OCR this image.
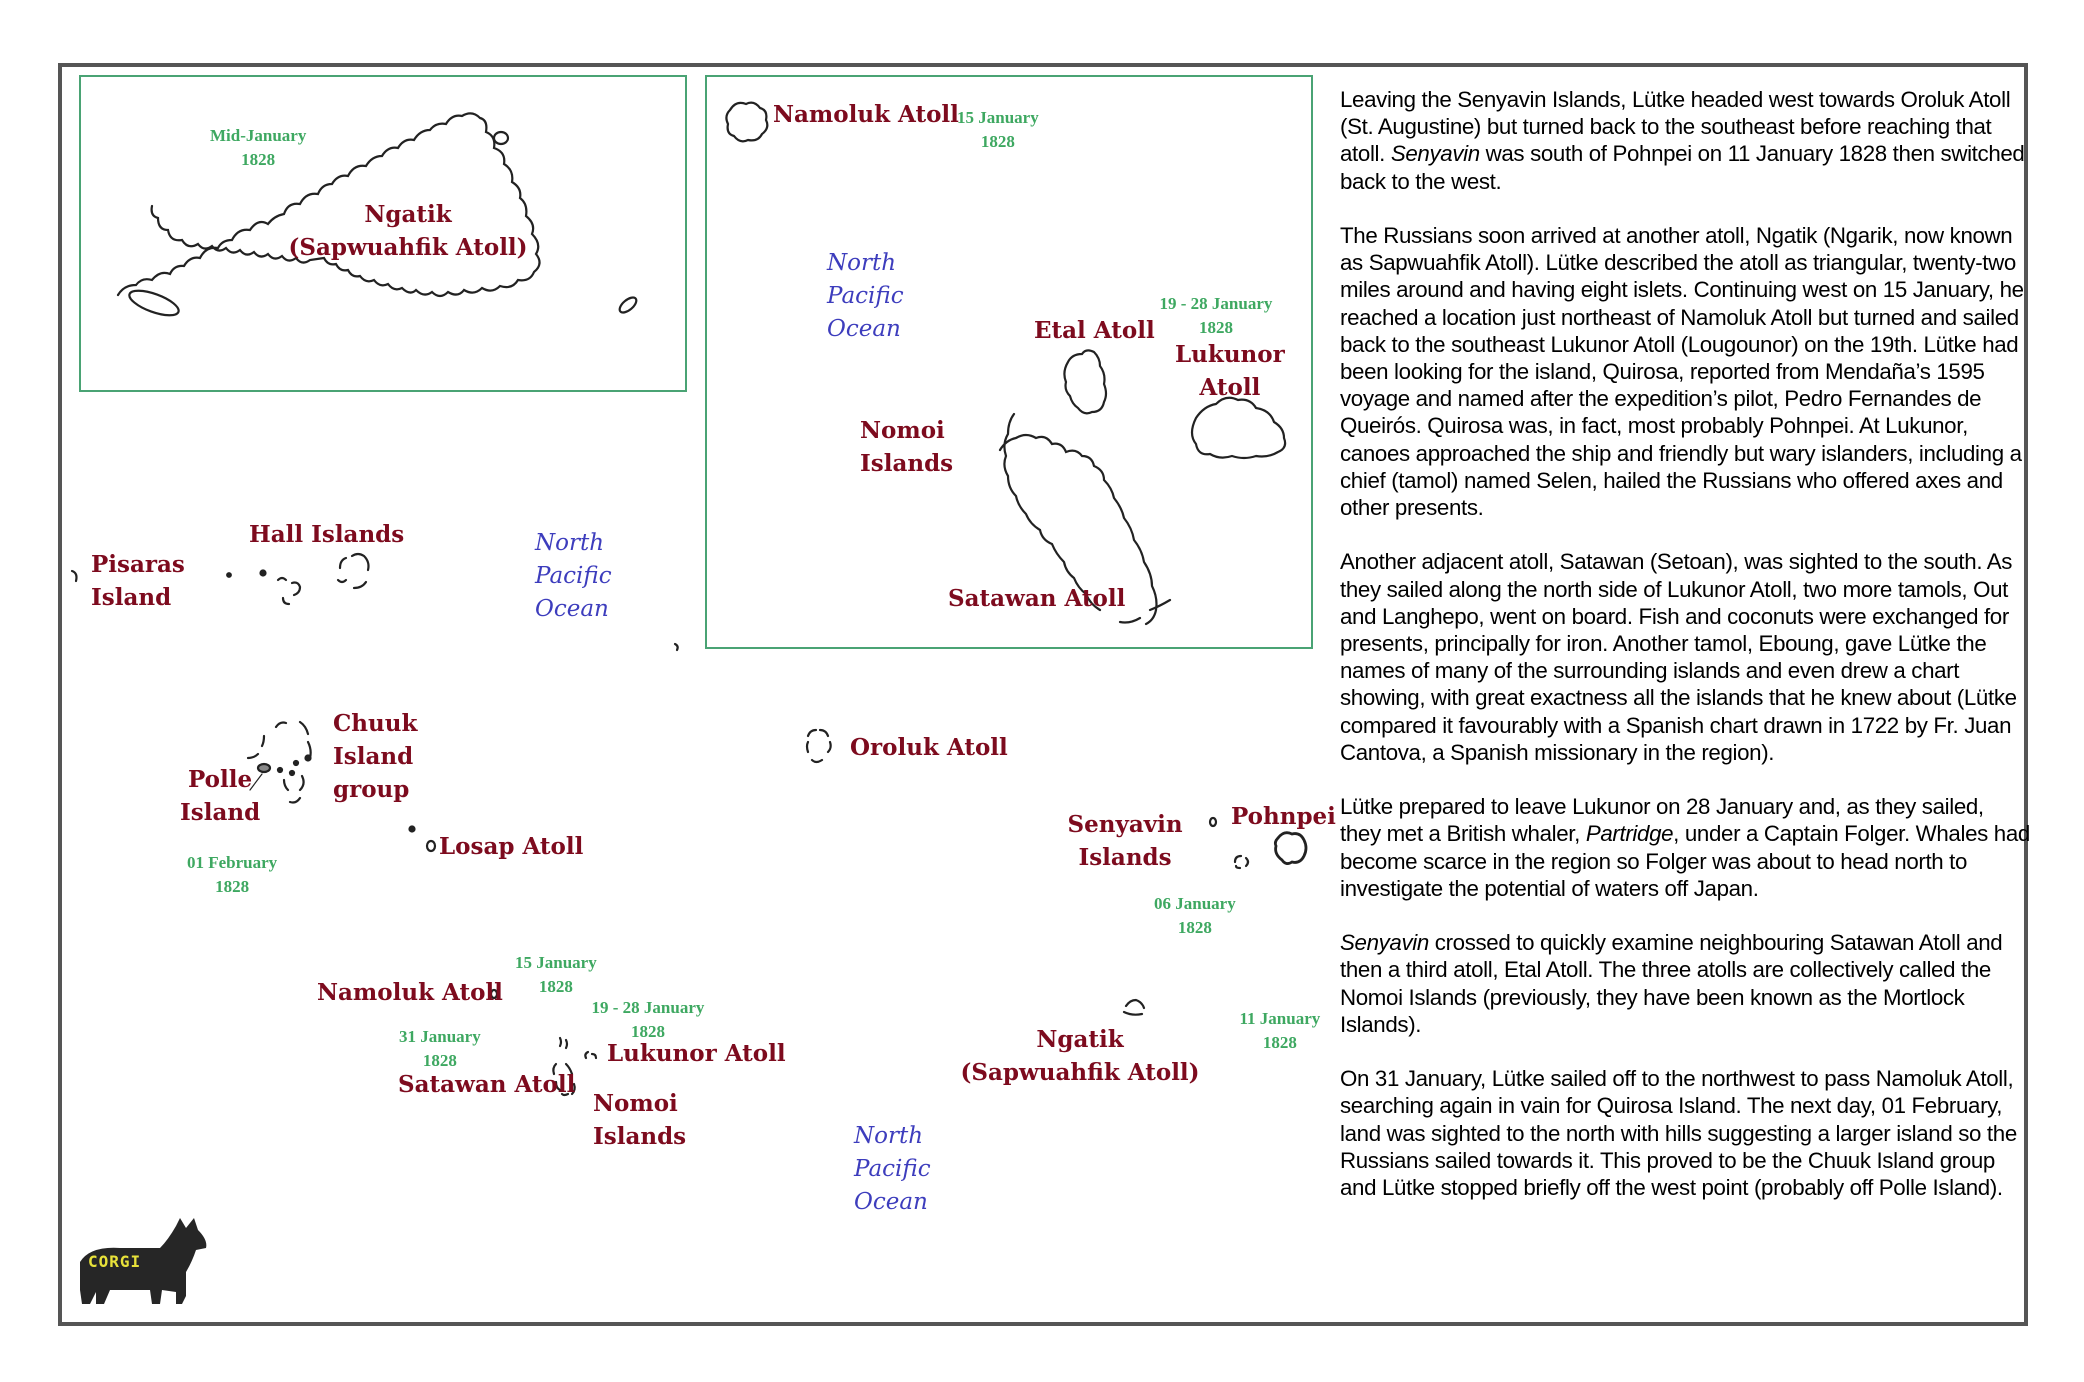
CORGI
Mid-January
1828
Ngatik
(Sapwuahfik Atoll)
Namoluk Atoll
15 January
1828
North
Pacific
Ocean	Etal Atoll
19 - 28 January
1828
Lukunor
Atoll
Nomoi
Islands
Satawan Atoll
Hall Islands
Pisaras
Island
North
Pacific
Ocean
Chuuk
Island
group
Polle
Island
Losap Atoll
01 February
1828
Oroluk Atoll
Senyavin
Islands
Pohnpei
06 January
1828
15 January
1828
Namoluk Atoll
19 - 28 January
1828
31 January
1828	Lukunor Atoll
Satawan Atoll
Nomoi
Islands	North
Pacific
Ocean
Ngatik
(Sapwuahfik Atoll)
11 January
1828

Leaving the Senyavin Islands, Lütke headed west towards Oroluk Atoll (St. Augustine) but turned back to the southeast before reaching that atoll. Senyavin was south of Pohnpei on 11 January 1828 then switched back to the west.

The Russians soon arrived at another atoll, Ngatik (Ngarik, now known as Sapwuahfik Atoll). Lütke described the atoll as triangular, twenty-two miles around and having eight islets. Continuing west on 15 January, he reached a location just northeast of Namoluk Atoll but turned and sailed back to the southeast Lukunor Atoll (Lougounor) on the 19th. Lütke had been looking for the island, Quirosa, reported from Mendaña’s 1595 voyage and named after the expedition’s pilot, Pedro Fernandes de Queirós. Quirosa was, in fact, most probably Pohnpei. At Lukunor, canoes approached the ship and friendly but wary islanders, including a chief (tamol) named Selen, hailed the Russians who offered axes and other presents.

Another adjacent atoll, Satawan (Setoan), was sighted to the south. As they sailed along the north side of Lukunor Atoll, two more tamols, Out and Langhepo, went on board. Fish and coconuts were exchanged for presents, principally for iron. Another tamol, Eboung, gave Lütke the names of many of the surrounding islands and even drew a chart showing, with great exactness all the islands that he knew about (Lütke compared it favourably with a Spanish chart drawn in 1722 by Fr. Juan Cantova, a Spanish missionary in the region).

Lütke prepared to leave Lukunor on 28 January and, as they sailed, they met a British whaler, Partridge, under a Captain Folger. Whales had become scarce in the region so Folger was about to head north to investigate the potential of waters off Japan.

Senyavin crossed to quickly examine neighbouring Satawan Atoll and then a third atoll, Etal Atoll. The three atolls are collectively called the Nomoi Islands (previously, they have been known as the Mortlock Islands).

On 31 January, Lütke sailed off to the northwest to pass Namoluk Atoll, searching again in vain for Quirosa Island. The next day, 01 February, land was sighted to the north with hills suggesting a larger island so the Russians sailed towards it. This proved to be the Chuuk Island group and Lütke stopped briefly off the west point (probably off Polle Island).
